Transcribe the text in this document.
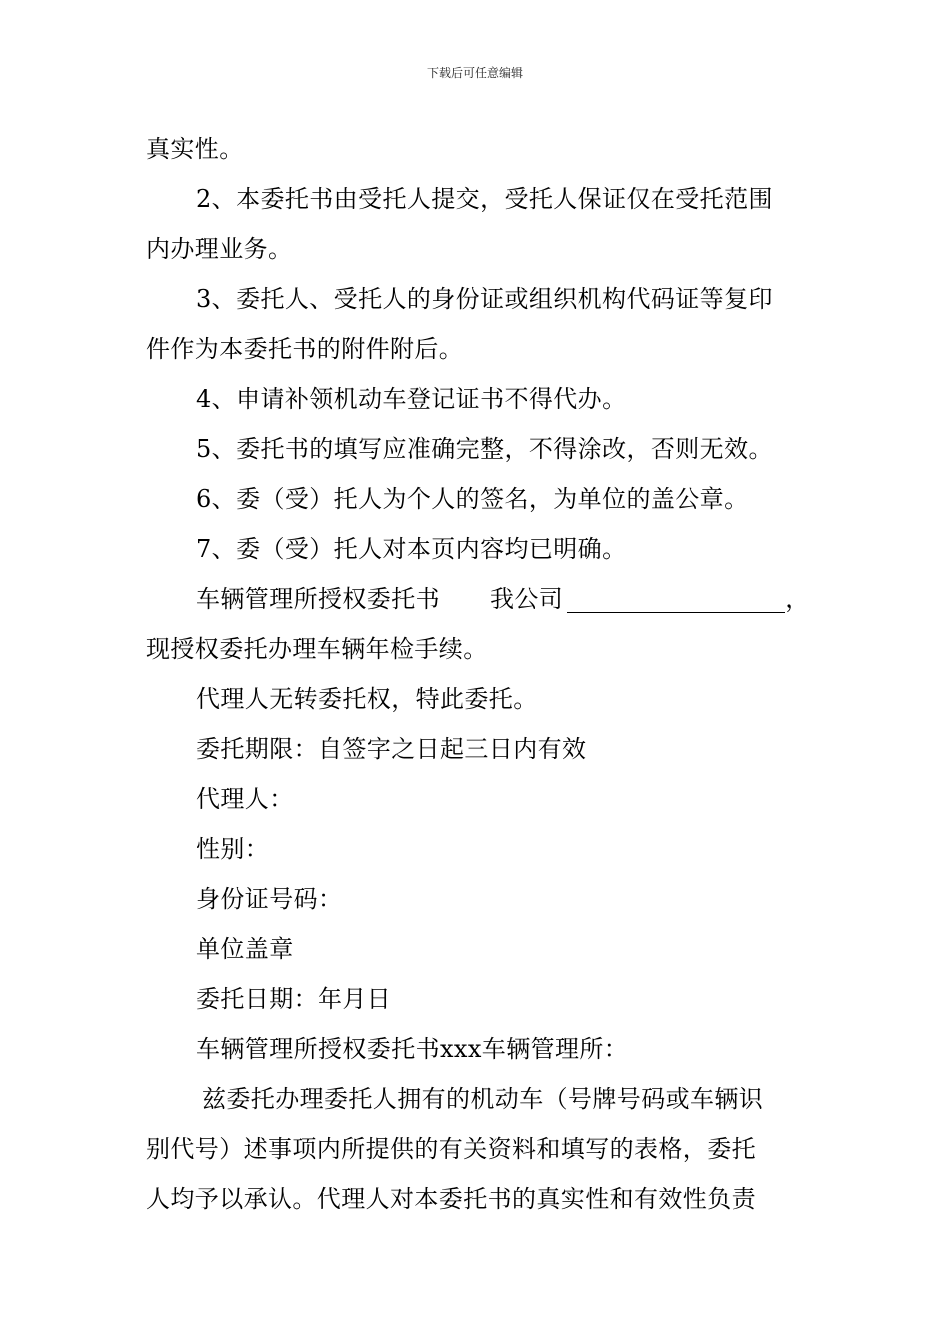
下载后可任意编辑
真实性。
2、本委托书由受托人提交，受托人保证仅在受托范围
内办理业务。
3、委托人、受托人的身份证或组织机构代码证等复印
件作为本委托书的附件附后。
4、申请补领机动车登记证书不得代办。
5、委托书的填写应准确完整，不得涂改，否则无效。
6、委（受）托人为个人的签名，为单位的盖公章。
7、委（受）托人对本页内容均已明确。
车辆管理所授权委托书 我公司	，
现授权委托办理车辆年检手续。
代理人无转委托权，特此委托。
委托期限：自签字之日起三日内有效
代理人：
性别：
身份证号码：
单位盖章
委托日期：年月日
车辆管理所授权委托书xxx车辆管理所：
兹委托办理委托人拥有的机动车（号牌号码或车辆识
别代号）述事项内所提供的有关资料和填写的表格，委托
人均予以承认。代理人对本委托书的真实性和有效性负责
